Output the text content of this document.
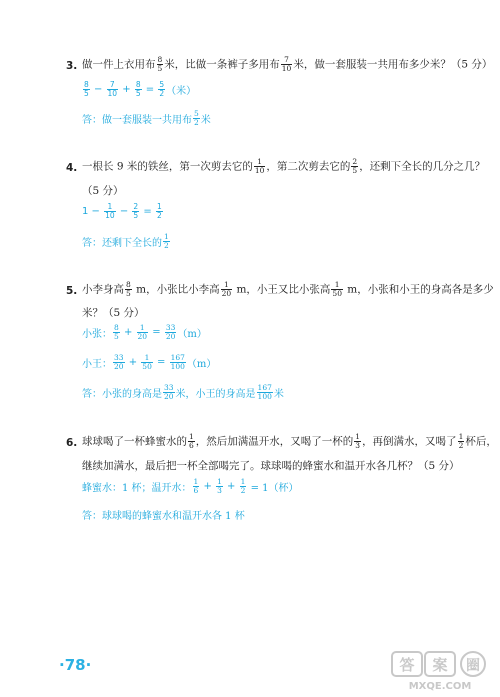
3. 做一件上衣用布 $\frac{8}{5}$ 米，比做一条裤子多用布 $\frac{7}{10}$ 米，做一套服装一共用布多少米？（5 分）
$\frac{8}{5} - \frac{7}{10} + \frac{8}{5} = \frac{5}{2}$ （米）
答：做一套服装一共用布 $\frac{5}{2}$ 米
4. 一根长 9 米的铁丝，第一次剪去它的 $\frac{1}{10}$ ，第二次剪去它的 $\frac{2}{5}$ ，还剩下全长的几分之几？
（5 分）
$1 - \frac{1}{10} - \frac{2}{5} = \frac{1}{2}$
答：还剩下全长的 $\frac{1}{2}$
5. 小李身高 $\frac{8}{5}$ m，小张比小李高 $\frac{1}{20}$ m，小王又比小张高 $\frac{1}{50}$ m，小张和小王的身高各是多少
米？（5 分）
小张： $\frac{8}{5} + \frac{1}{20} = \frac{33}{20} (m)$
小王： $\frac{33}{20} + \frac{1}{50} = \frac{167}{100} (m)$
答：小张的身高是 $\frac{33}{20}$ 米，小王的身高是 $\frac{167}{100}$ 米
6. 球球喝了一杯蜂蜜水的 $\frac{1}{6}$ ，然后加满温开水，又喝了一杯的 $\frac{1}{3}$ ，再倒满水，又喝了 $\frac{1}{2}$ 杯后，
继续加满水，最后把一杯全部喝完了。球球喝的蜂蜜水和温开水各几杯？（5 分）
蜂蜜水：1 杯；温开水： $\frac{1}{6} + \frac{1}{3} + \frac{1}{2} = 1$（杯）
答：球球喝的蜂蜜水和温开水各 1 杯
·78·	答 案 圈
MXQE.COM
